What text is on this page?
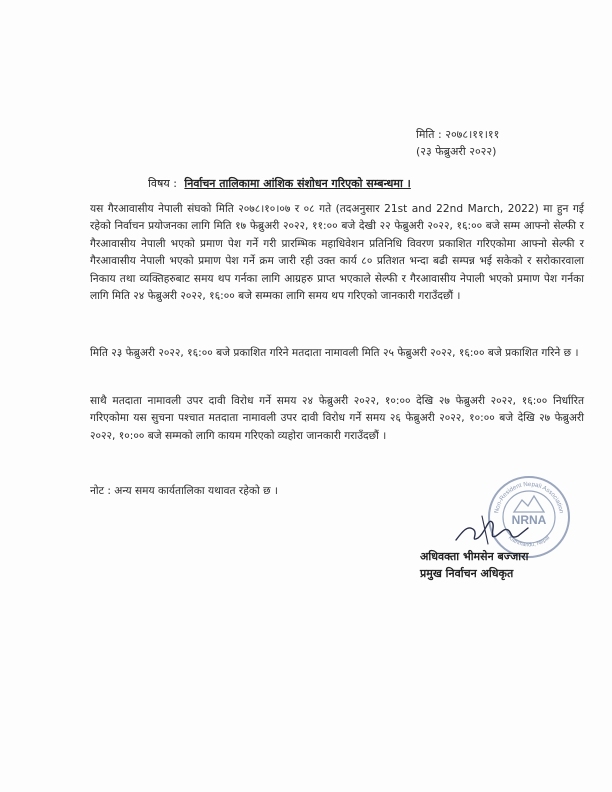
मिति : २०७८।११।११
(२३ फेब्रुअरी २०२२)
विषय : निर्वाचन तालिकामा आंशिक संशोधन गरिएको सम्बन्धमा ।
यस गैरआवासीय नेपाली संघको मिति २०७८।१०।०७ र ०८ गते (तदअनुसार 21st and 22nd March, 2022) मा हुन गई रहेको निर्वाचन प्रयोजनका लागि मिति १७ फेब्रुअरी २०२२, ११:०० बजे देखी २२ फेब्रुअरी २०२२, १६:०० बजे सम्म आफ्नो सेल्फी र गैरआवासीय नेपाली भएको प्रमाण पेश गर्ने गरी प्रारम्भिक महाधिवेशन प्रतिनिधि विवरण प्रकाशित गरिएकोमा आफ्नो सेल्फी र गैरआवासीय नेपाली भएको प्रमाण पेश गर्ने क्रम जारी रही उक्त कार्य ८० प्रतिशत भन्दा बढी सम्पन्न भई सकेको र सरोकारवाला निकाय तथा व्यक्तिहरुबाट समय थप गर्नका लागि आग्रहरु प्राप्त भएकाले सेल्फी र गैरआवासीय नेपाली भएको प्रमाण पेश गर्नका लागि मिति २४ फेब्रुअरी २०२२, १६:०० बजे सम्मका लागि समय थप गरिएको जानकारी गराउँदछौं ।
मिति २३ फेब्रुअरी २०२२, १६:०० बजे प्रकाशित गरिने मतदाता नामावली मिति २५ फेब्रुअरी २०२२, १६:०० बजे प्रकाशित गरिने छ ।
साथै मतदाता नामावली उपर दावी विरोध गर्ने समय २४ फेब्रुअरी २०२२, १०:०० देखि २७ फेब्रुअरी २०२२, १६:०० निर्धारित गरिएकोमा यस सुचना पश्चात मतदाता नामावली उपर दावी विरोध गर्ने समय २६ फेब्रुअरी २०२२, १०:०० बजे देखि २७ फेब्रुअरी २०२२, १०:०० बजे सम्मको लागि कायम गरिएको व्यहोरा जानकारी गराउँदछौं ।
नोट : अन्य समय कार्यतालिका यथावत रहेको छ ।
NRNA
Non-Resident Nepali Association
Kathmandu, Nepal
अधिवक्ता भीमसेन बज्जारा
प्रमुख निर्वाचन अधिकृत
